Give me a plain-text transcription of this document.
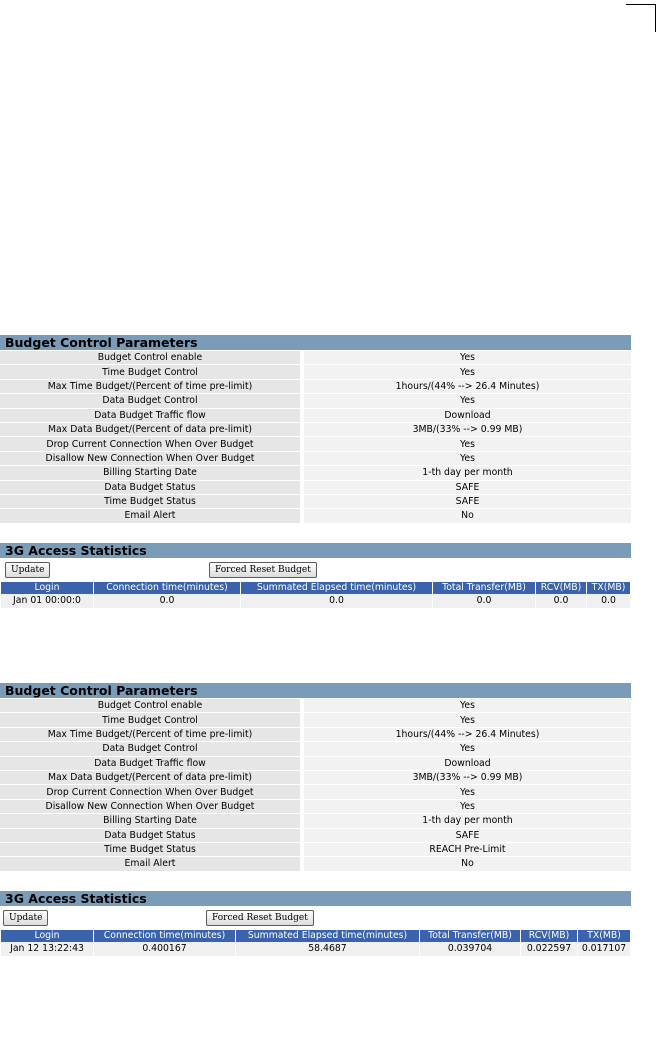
Budget Control Parameters
Budget Control enable		Yes
Time Budget Control		Yes
Max Time Budget/(Percent of time pre-limit)		1hours/(44% --> 26.4 Minutes)
Data Budget Control		Yes
Data Budget Traffic flow		Download
Max Data Budget/(Percent of data pre-limit)		3MB/(33% --> 0.99 MB)
Drop Current Connection When Over Budget		Yes
Disallow New Connection When Over Budget		Yes
Billing Starting Date		1-th day per month
Data Budget Status		SAFE
Time Budget Status		SAFE
Email Alert		No
3G Access Statistics
Update	Forced Reset Budget
Login	Connection time(minutes)	Summated Elapsed time(minutes)	Total Transfer(MB)	RCV(MB)	TX(MB)
Jan 01 00:00:0	0.0	0.0	0.0	0.0	0.0
Budget Control Parameters
Budget Control enable		Yes
Time Budget Control		Yes
Max Time Budget/(Percent of time pre-limit)		1hours/(44% --> 26.4 Minutes)
Data Budget Control		Yes
Data Budget Traffic flow		Download
Max Data Budget/(Percent of data pre-limit)		3MB/(33% --> 0.99 MB)
Drop Current Connection When Over Budget		Yes
Disallow New Connection When Over Budget		Yes
Billing Starting Date		1-th day per month
Data Budget Status		SAFE
Time Budget Status		REACH Pre-Limit
Email Alert		No
3G Access Statistics
Update	Forced Reset Budget
Login	Connection time(minutes)	Summated Elapsed time(minutes)	Total Transfer(MB)	RCV(MB)	TX(MB)
Jan 12 13:22:43	0.400167	58.4687	0.039704	0.022597	0.017107
